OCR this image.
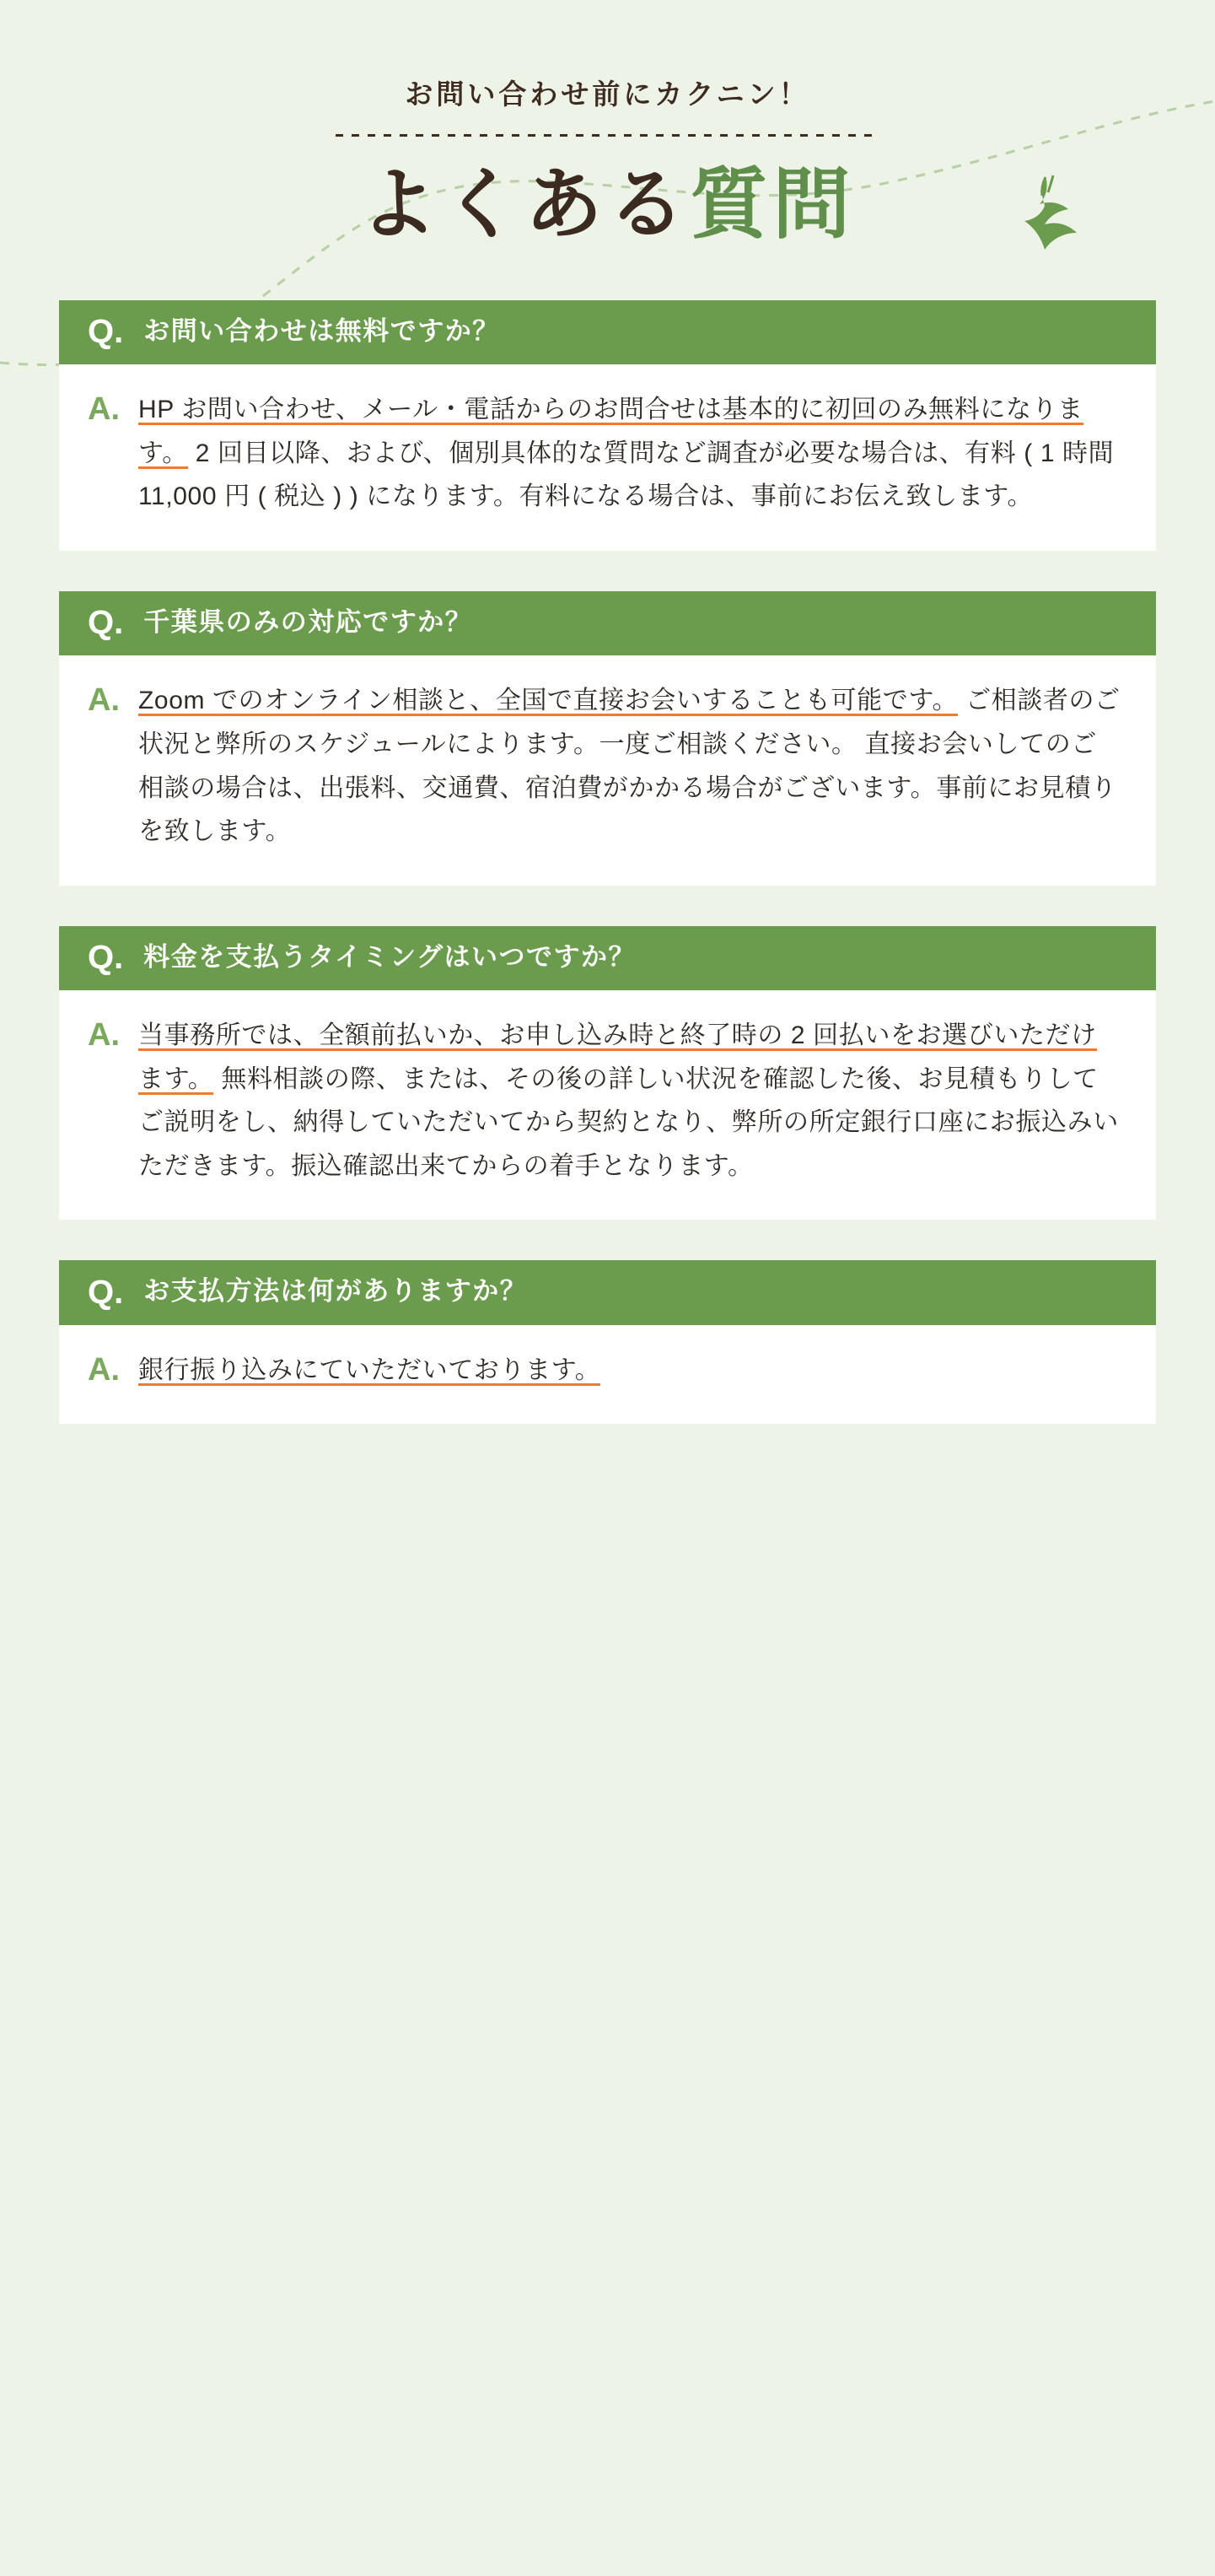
お問い合わせ前にカクニン！
よくある質問
Q. お問い合わせは無料ですか？
A. HP お問い合わせ、メール・電話からのお問合せは基本的に初回のみ無料になります。 2 回目以降、および、個別具体的な質問など調査が必要な場合は、有料 ( 1 時間 11,000 円 ( 税込 ) ) になります。有料になる場合は、事前にお伝え致します。
Q. 千葉県のみの対応ですか？
A. Zoom でのオンライン相談と、全国で直接お会いすることも可能です。 ご相談者のご状況と弊所のスケジュールによります。一度ご相談ください。 直接お会いしてのご相談の場合は、出張料、交通費、宿泊費がかかる場合がございます。事前にお見積りを致します。
Q. 料金を支払うタイミングはいつですか？
A. 当事務所では、全額前払いか、お申し込み時と終了時の 2 回払いをお選びいただけます。 無料相談の際、または、その後の詳しい状況を確認した後、お見積もりしてご説明をし、納得していただいてから契約となり、弊所の所定銀行口座にお振込みいただきます。振込確認出来てからの着手となります。
Q. お支払方法は何がありますか？
A. 銀行振り込みにていただいております。
